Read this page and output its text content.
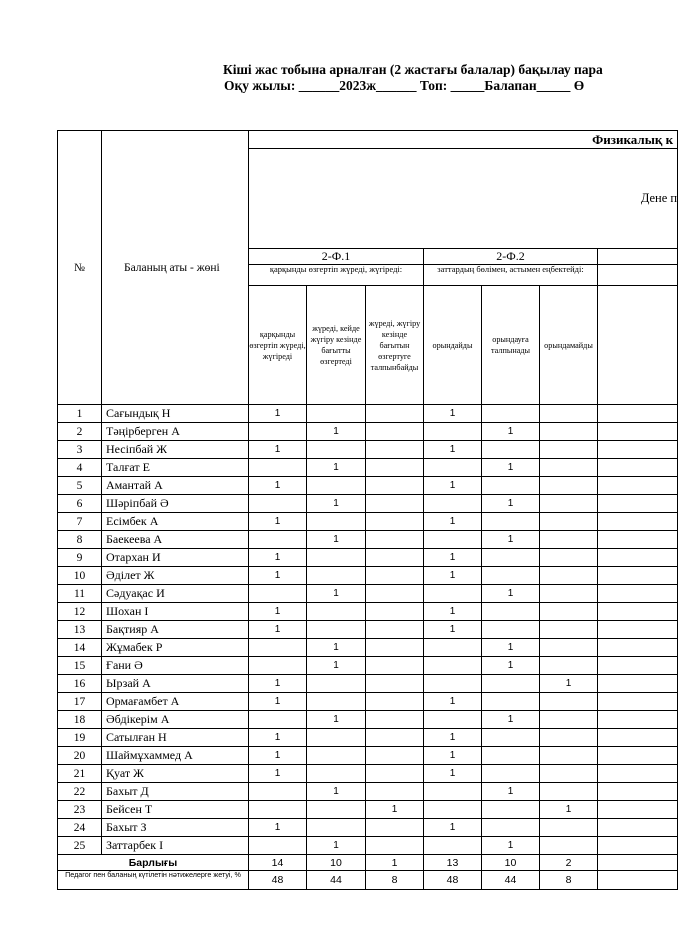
Кіші жас тобына арналған (2 жастағы балалар) бақылау пара
Оқу жылы: ______2023ж______ Топ: _____Балапан_____ Ө
№	Баланың аты - жөні	Физикалық к						
		Дене п						
		2-Ф.1			2-Ф.2			
		қарқынды өзгертіп жүреді, жүгіреді:			заттардың бөлімен, астымен еңбектейді:			
		қарқынды өзгертіп жүреді, жүгіреді	жүреді, кейде жүгіру кезінде бағытты өзгертеді	жүреді, жүгіру кезінде бағытын өзгертуге талпынбайды	орындайды	орындауға талпынады	орындамайды	
1	Сағындық Н	1			1			
2	Тәңірберген А		1			1		
3	Несіпбай Ж	1			1			
4	Талғат Е		1			1		
5	Амантай А	1			1			
6	Шәріпбай Ә		1			1		
7	Есімбек А	1			1			
8	Баекеева А		1			1		
9	Отархан И	1			1			
10	Әділет Ж	1			1			
11	Сәдуақас И		1			1		
12	Шохан І	1			1			
13	Бақтияр А	1			1			
14	Жұмабек Р		1			1		
15	Ғани Ә		1			1		
16	Ырзай А	1					1	
17	Ормағамбет А	1			1			
18	Әбдікерім А		1			1		
19	Сатылған Н	1			1			
20	Шаймұхаммед А	1			1			
21	Қуат Ж	1			1			
22	Бахыт Д		1			1		
23	Бейсен Т			1			1	
24	Бахыт З	1			1			
25	Заттарбек І		1			1		
Барлығы		14	10	1	13	10	2	
Педагог пен баланың күтілетін нәтижелерге жетуі, %		48	44	8	48	44	8	
